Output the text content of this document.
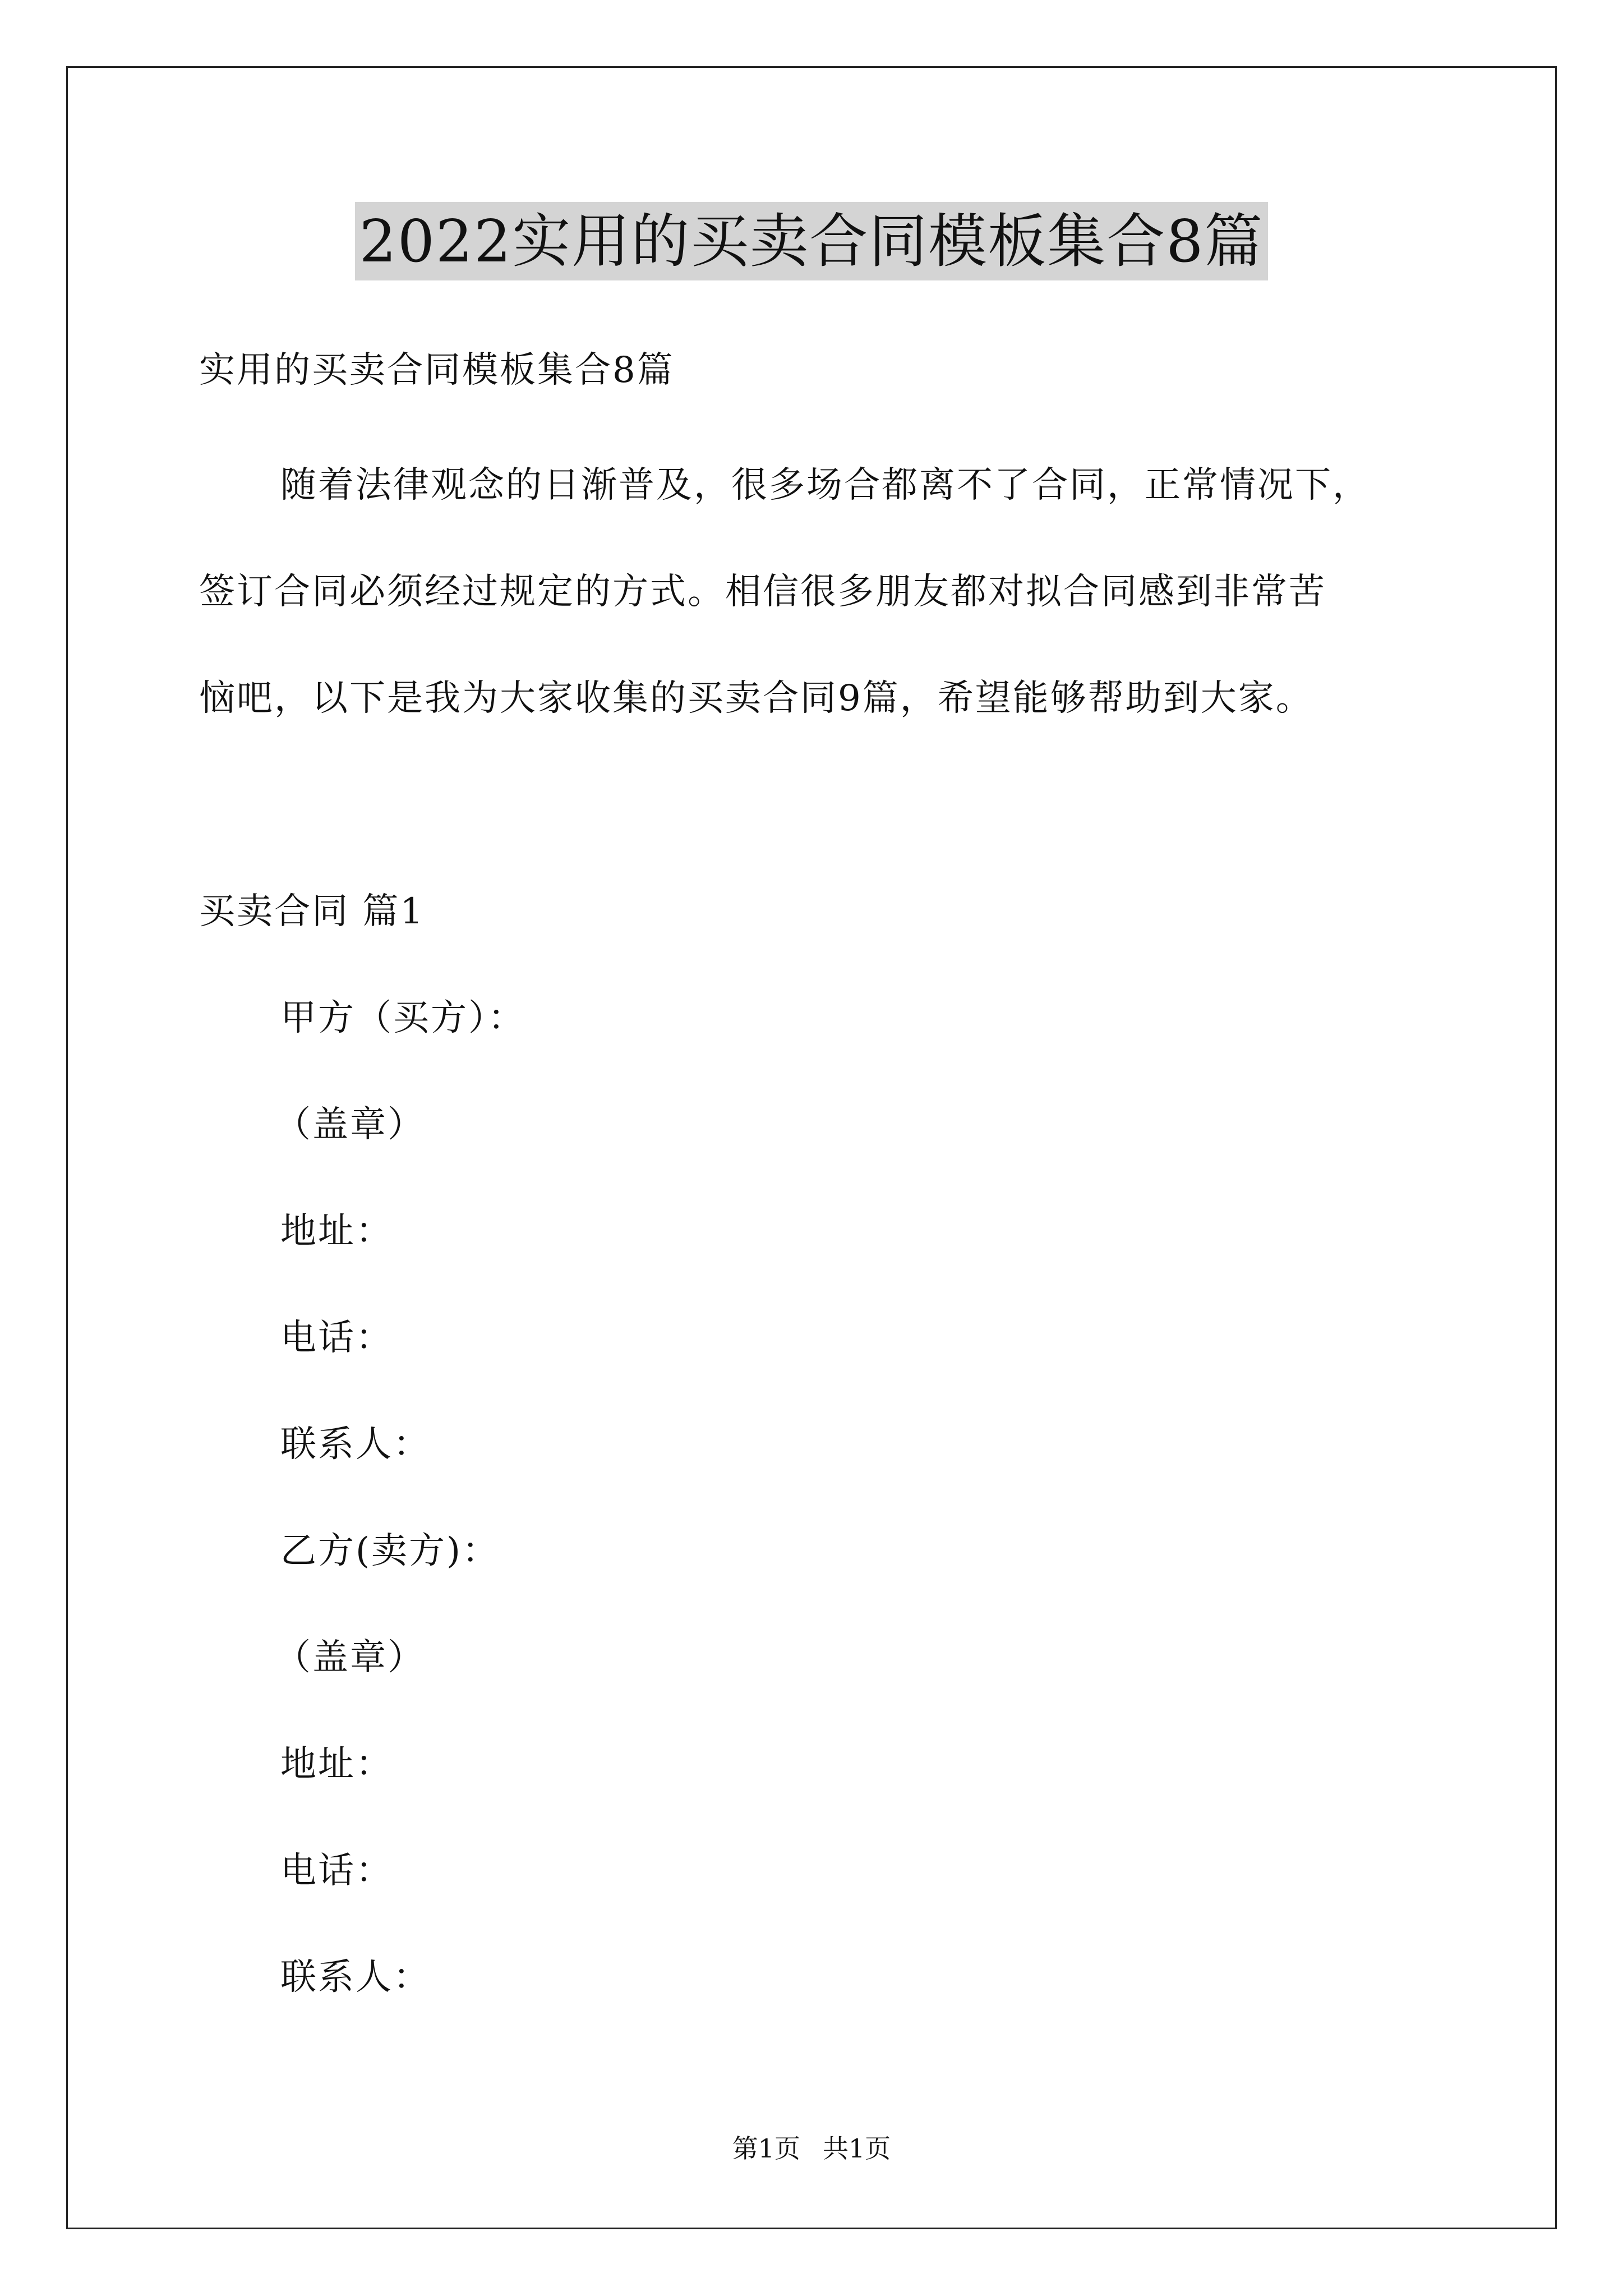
2022实用的买卖合同模板集合8篇
实用的买卖合同模板集合8篇
随着法律观念的日渐普及，很多场合都离不了合同，正常情况下，
签订合同必须经过规定的方式。相信很多朋友都对拟合同感到非常苦
恼吧，以下是我为大家收集的买卖合同9篇，希望能够帮助到大家。
买卖合同 篇1
甲方（买方）：
（盖章）
地址：
电话：
联系人：
乙方(卖方)：
（盖章）
地址：
电话：
联系人：
第1页 共1页
